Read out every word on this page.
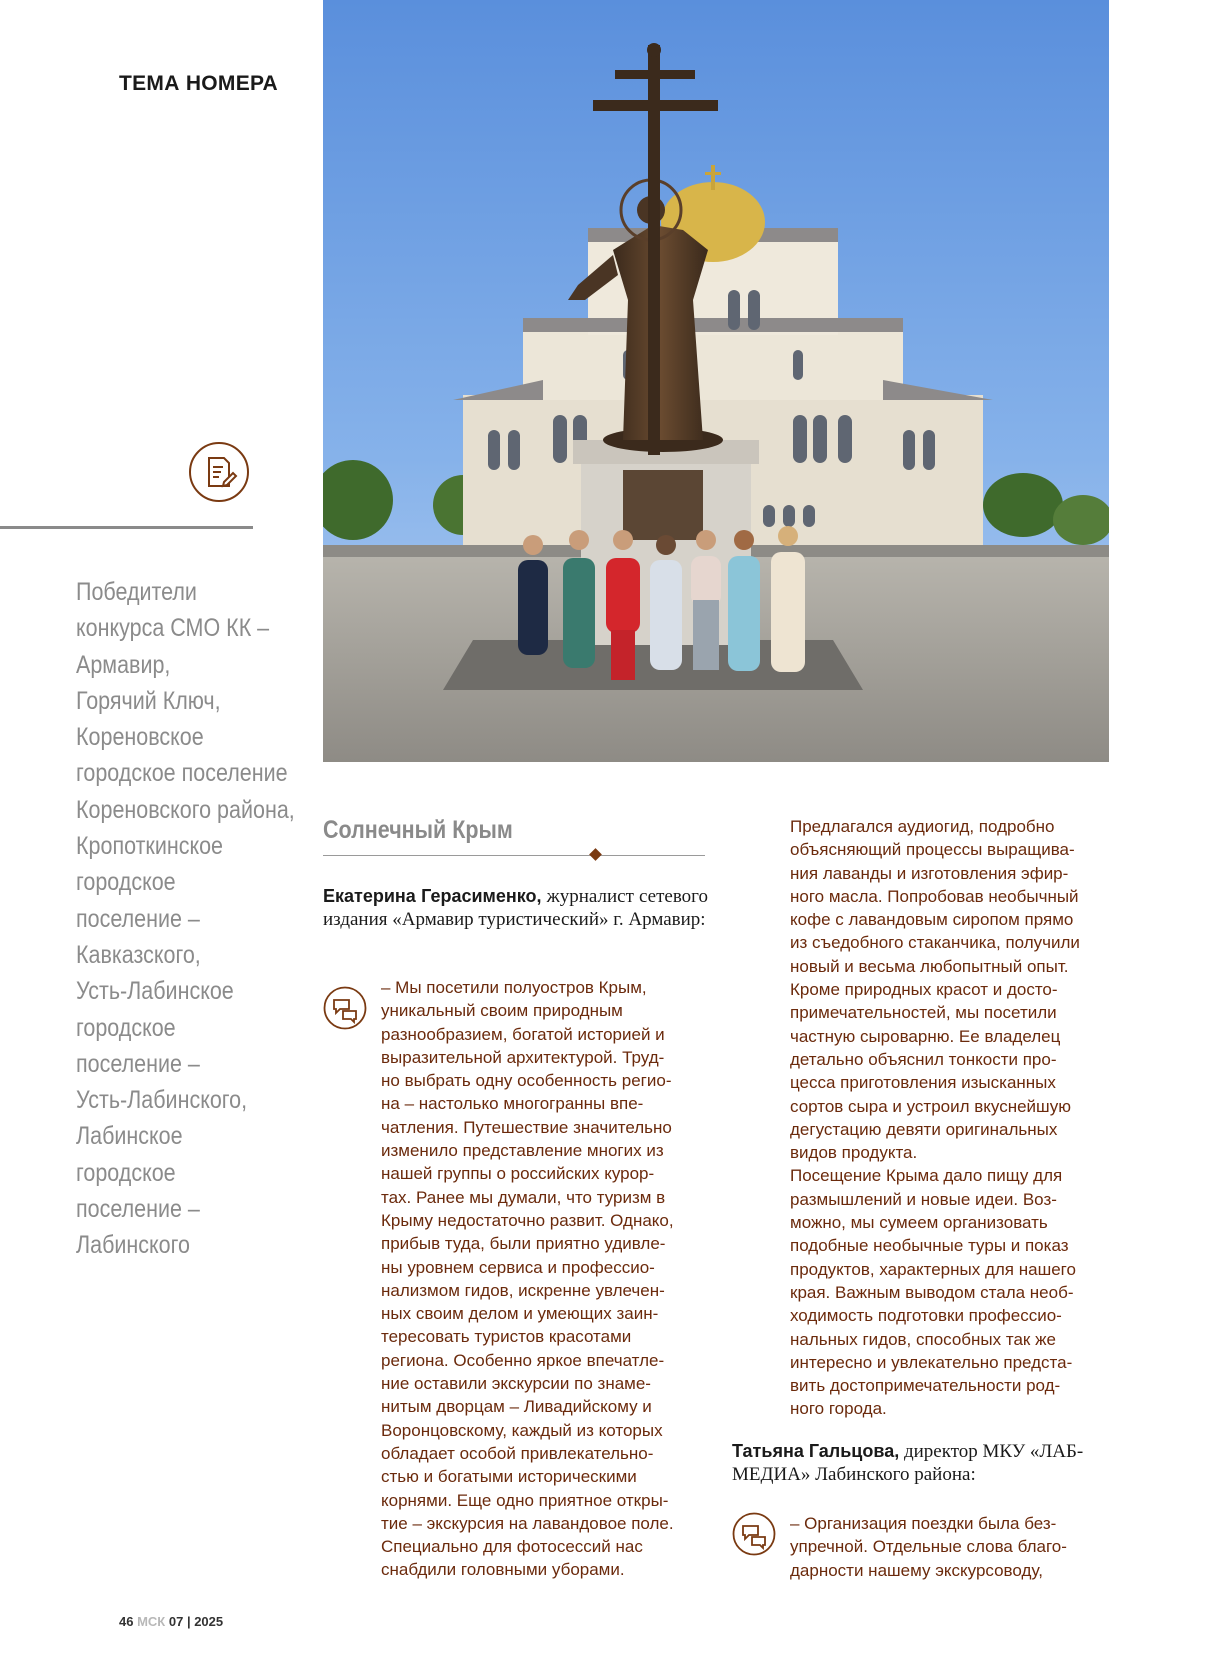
ТЕМА НОМЕРА
Победители
конкурса СМО КК –
Армавир,
Горячий Ключ,
Кореновское
городское поселение
Кореновского района,
Кропоткинское
городское
поселение –
Кавказского,
Усть-Лабинское
городское
поселение –
Усть-Лабинского,
Лабинское
городское
поселение –
Лабинского
Солнечный Крым
Екатерина Герасименко, журналист сетевого издания «Армавир туристический» г. Армавир:
– Мы посетили полуостров Крым,
уникальный своим природным
разнообразием, богатой историей и
выразительной архитектурой. Труд-
но выбрать одну особенность регио-
на – настолько многогранны впе-
чатления. Путешествие значительно
изменило представление многих из
нашей группы о российских курор-
тах. Ранее мы думали, что туризм в
Крыму недостаточно развит. Однако,
прибыв туда, были приятно удивле-
ны уровнем сервиса и профессио-
нализмом гидов, искренне увлечен-
ных своим делом и умеющих заин-
тересовать туристов красотами
региона. Особенно яркое впечатле-
ние оставили экскурсии по знаме-
нитым дворцам – Ливадийскому и
Воронцовскому, каждый из которых
обладает особой привлекательно-
стью и богатыми историческими
корнями. Еще одно приятное откры-
тие – экскурсия на лавандовое поле.
Специально для фотосессий нас
снабдили головными уборами.
Предлагался аудиогид, подробно
объясняющий процессы выращива-
ния лаванды и изготовления эфир-
ного масла. Попробовав необычный
кофе с лавандовым сиропом прямо
из съедобного стаканчика, получили
новый и весьма любопытный опыт.
Кроме природных красот и досто-
примечательностей, мы посетили
частную сыроварню. Ее владелец
детально объяснил тонкости про-
цесса приготовления изысканных
сортов сыра и устроил вкуснейшую
дегустацию девяти оригинальных
видов продукта.
Посещение Крыма дало пищу для
размышлений и новые идеи. Воз-
можно, мы сумеем организовать
подобные необычные туры и показ
продуктов, характерных для нашего
края. Важным выводом стала необ-
ходимость подготовки профессио-
нальных гидов, способных так же
интересно и увлекательно предста-
вить достопримечательности род-
ного города.
Татьяна Гальцова, директор МКУ «ЛАБМЕДИА» Лабинского района:
– Организация поездки была без-
упречной. Отдельные слова благо-
дарности нашему экскурсоводу,
46 МСК 07 | 2025
